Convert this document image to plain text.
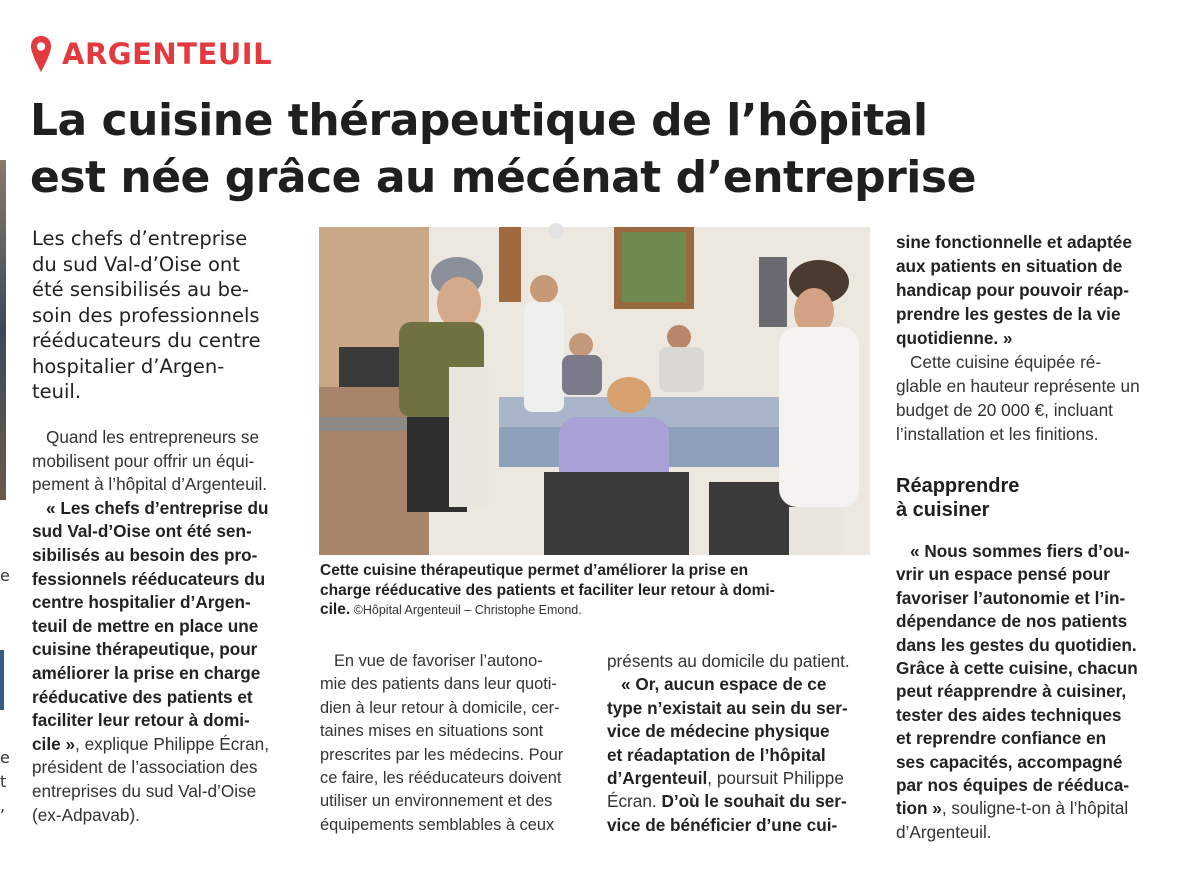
e
e
t
,
ARGENTEUIL
La cuisine thérapeutique de l’hôpital
est née grâce au mécénat d’entreprise
Les chefs d’entreprise
du sud Val-d’Oise ont
été sensibilisés au be-
soin des professionnels
rééducateurs du centre
hospitalier d’Argen-
teuil.
Quand les entrepreneurs se
mobilisent pour offrir un équi-
pement à l’hôpital d’Argenteuil.
« Les chefs d’entreprise du
sud Val-d’Oise ont été sen-
sibilisés au besoin des pro-
fessionnels rééducateurs du
centre hospitalier d’Argen-
teuil de mettre en place une
cuisine thérapeutique, pour
améliorer la prise en charge
rééducative des patients et
faciliter leur retour à domi-
cile », explique Philippe Écran,
président de l’association des
entreprises du sud Val-d’Oise
(ex-Adpavab).
Cette cuisine thérapeutique permet d’améliorer la prise en
charge rééducative des patients et faciliter leur retour à domi-
cile. ©Hôpital Argenteuil – Christophe Emond.
En vue de favoriser l’autono-
mie des patients dans leur quoti-
dien à leur retour à domicile, cer-
taines mises en situations sont
prescrites par les médecins. Pour
ce faire, les rééducateurs doivent
utiliser un environnement et des
équipements semblables à ceux
présents au domicile du patient.
« Or, aucun espace de ce
type n’existait au sein du ser-
vice de médecine physique
et réadaptation de l’hôpital
d’Argenteuil, poursuit Philippe
Écran. D’où le souhait du ser-
vice de bénéficier d’une cui-
sine fonctionnelle et adaptée
aux patients en situation de
handicap pour pouvoir réap-
prendre les gestes de la vie
quotidienne. »
Cette cuisine équipée ré-
glable en hauteur représente un
budget de 20 000 €, incluant
l’installation et les finitions.
Réapprendre
à cuisiner
« Nous sommes fiers d’ou-
vrir un espace pensé pour
favoriser l’autonomie et l’in-
dépendance de nos patients
dans les gestes du quotidien.
Grâce à cette cuisine, chacun
peut réapprendre à cuisiner,
tester des aides techniques
et reprendre confiance en
ses capacités, accompagné
par nos équipes de rééduca-
tion », souligne-t-on à l’hôpital
d’Argenteuil.
